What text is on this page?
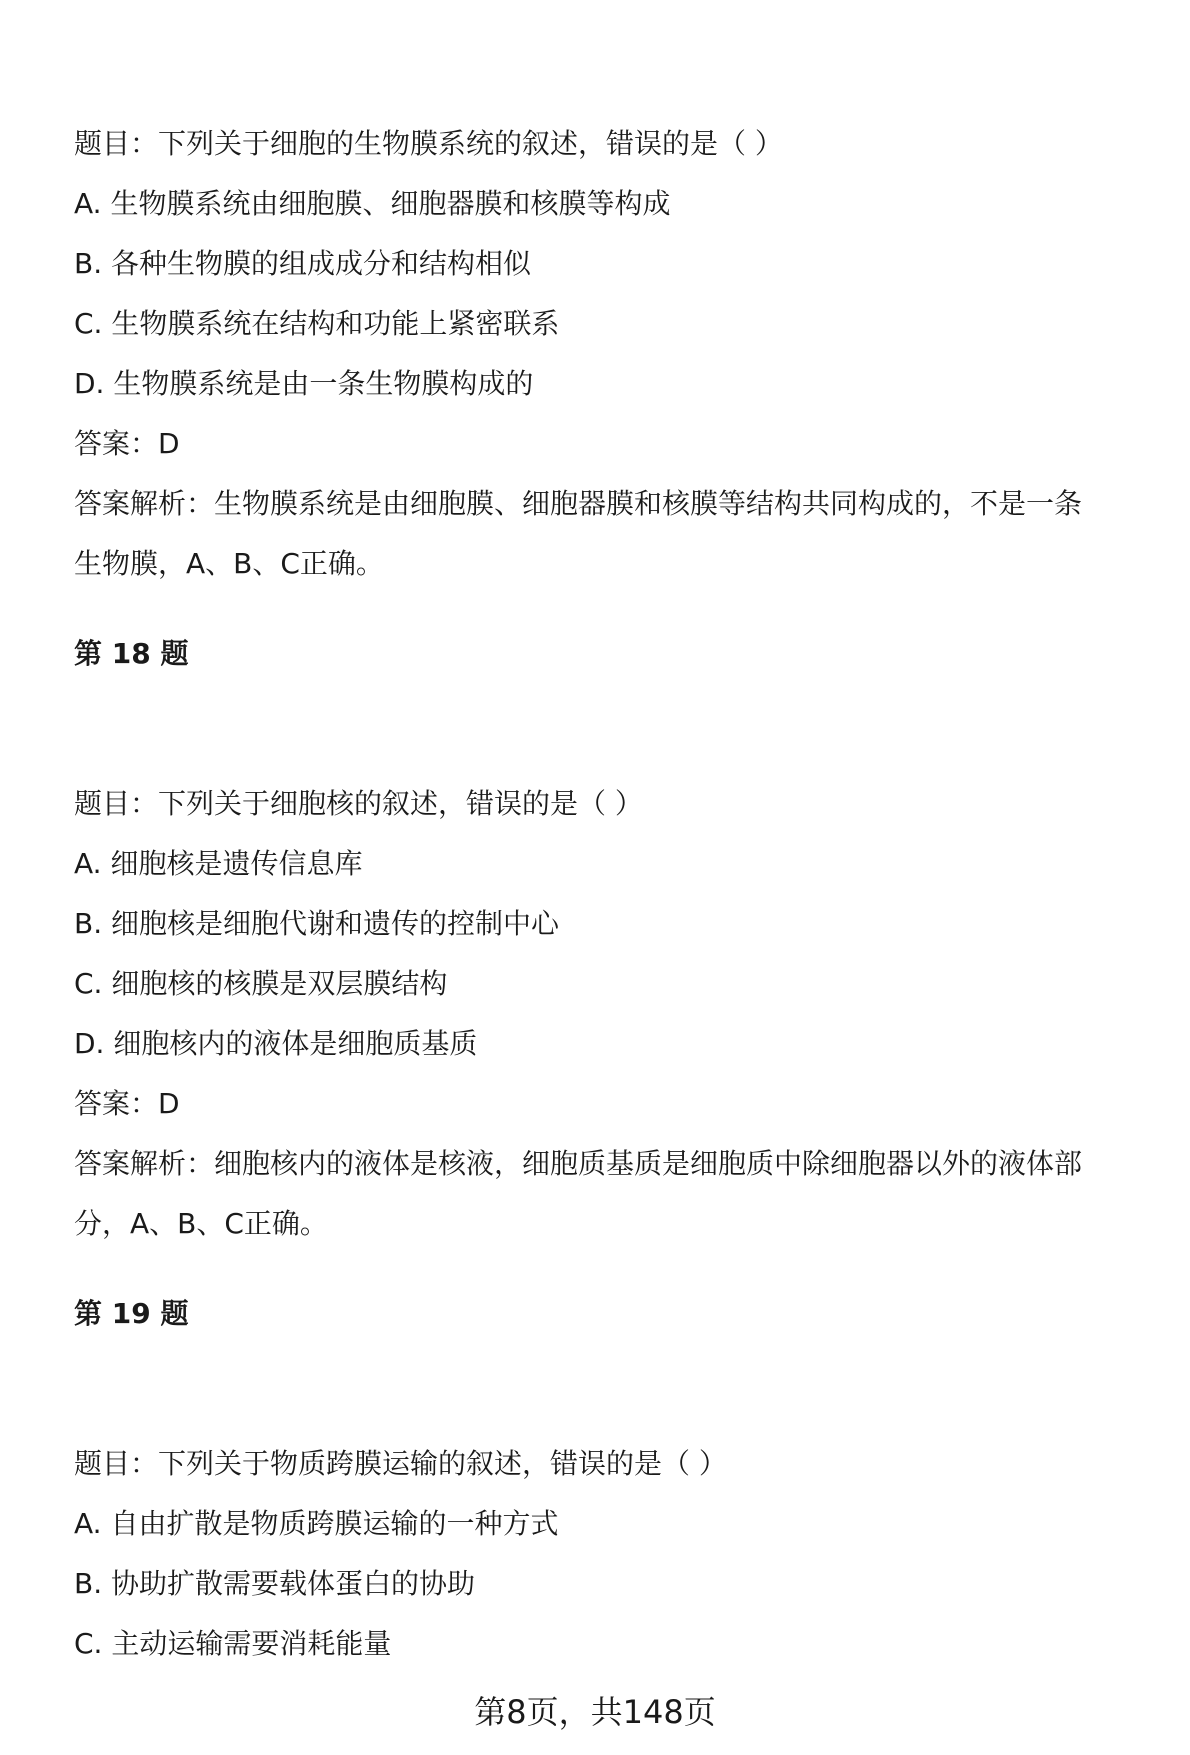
题目：下列关于细胞的生物膜系统的叙述，错误的是（ ）
A. 生物膜系统由细胞膜、细胞器膜和核膜等构成
B. 各种生物膜的组成成分和结构相似
C. 生物膜系统在结构和功能上紧密联系
D. 生物膜系统是由一条生物膜构成的
答案：D
答案解析：生物膜系统是由细胞膜、细胞器膜和核膜等结构共同构成的，不是一条
生物膜，A、B、C正确。
第 18 题
题目：下列关于细胞核的叙述，错误的是（ ）
A. 细胞核是遗传信息库
B. 细胞核是细胞代谢和遗传的控制中心
C. 细胞核的核膜是双层膜结构
D. 细胞核内的液体是细胞质基质
答案：D
答案解析：细胞核内的液体是核液，细胞质基质是细胞质中除细胞器以外的液体部
分，A、B、C正确。
第 19 题
题目：下列关于物质跨膜运输的叙述，错误的是（ ）
A. 自由扩散是物质跨膜运输的一种方式
B. 协助扩散需要载体蛋白的协助
C. 主动运输需要消耗能量
第8页，共148页
